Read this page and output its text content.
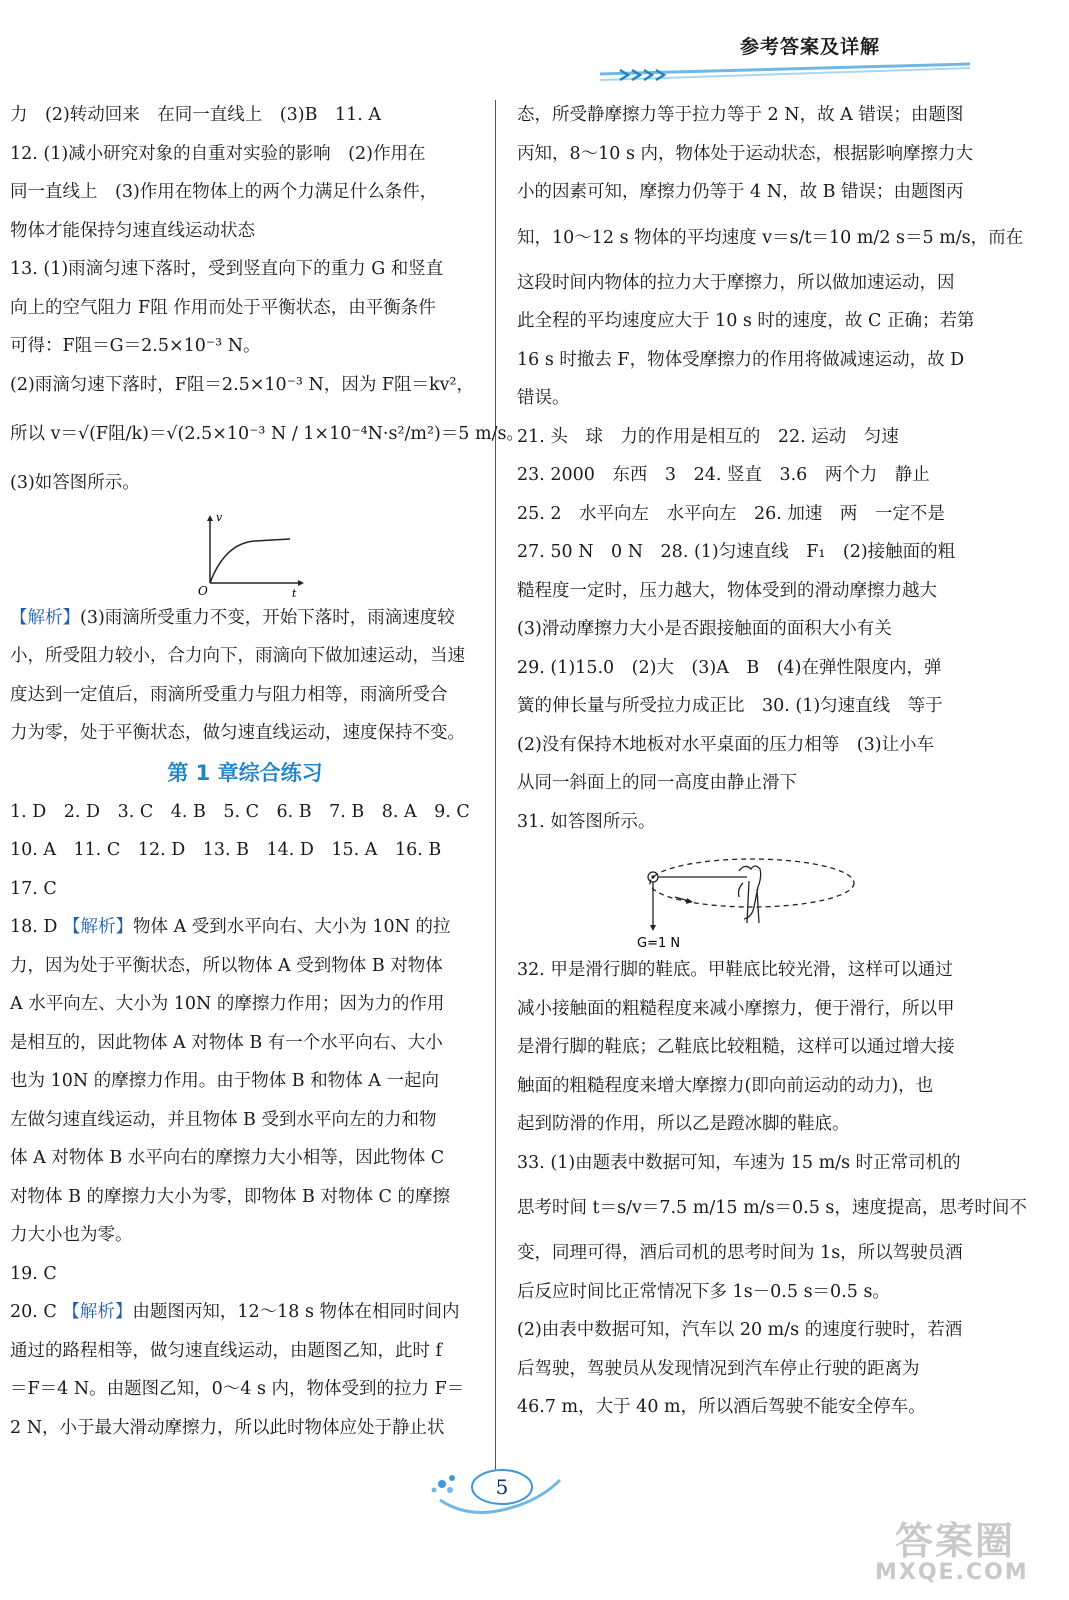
参考答案及详解
力　(2)转动回来　在同一直线上　(3)B　11. A
12. (1)减小研究对象的自重对实验的影响　(2)作用在
同一直线上　(3)作用在物体上的两个力满足什么条件，
物体才能保持匀速直线运动状态
13. (1)雨滴匀速下落时，受到竖直向下的重力 G 和竖直
向上的空气阻力 F阻 作用而处于平衡状态，由平衡条件
可得：F阻＝G＝2.5×10⁻³ N。
(2)雨滴匀速下落时，F阻＝2.5×10⁻³ N，因为 F阻＝kv²，
所以 v＝√(F阻/k)＝√(2.5×10⁻³ N / 1×10⁻⁴N·s²/m²)＝5 m/s。
(3)如答图所示。
v
t
O
【解析】(3)雨滴所受重力不变，开始下落时，雨滴速度较
小，所受阻力较小，合力向下，雨滴向下做加速运动，当速
度达到一定值后，雨滴所受重力与阻力相等，雨滴所受合
力为零，处于平衡状态，做匀速直线运动，速度保持不变。
第 1 章综合练习
1. D　2. D　3. C　4. B　5. C　6. B　7. B　8. A　9. C
10. A　11. C　12. D　13. B　14. D　15. A　16. B
17. C
18. D 【解析】物体 A 受到水平向右、大小为 10N 的拉
力，因为处于平衡状态，所以物体 A 受到物体 B 对物体
A 水平向左、大小为 10N 的摩擦力作用；因为力的作用
是相互的，因此物体 A 对物体 B 有一个水平向右、大小
也为 10N 的摩擦力作用。由于物体 B 和物体 A 一起向
左做匀速直线运动，并且物体 B 受到水平向左的力和物
体 A 对物体 B 水平向右的摩擦力大小相等，因此物体 C
对物体 B 的摩擦力大小为零，即物体 B 对物体 C 的摩擦
力大小也为零。
19. C
20. C 【解析】由题图丙知，12～18 s 物体在相同时间内
通过的路程相等，做匀速直线运动，由题图乙知，此时 f
＝F＝4 N。由题图乙知，0～4 s 内，物体受到的拉力 F＝
2 N，小于最大滑动摩擦力，所以此时物体应处于静止状
态，所受静摩擦力等于拉力等于 2 N，故 A 错误；由题图
丙知，8～10 s 内，物体处于运动状态，根据影响摩擦力大
小的因素可知，摩擦力仍等于 4 N，故 B 错误；由题图丙
知，10～12 s 物体的平均速度 v＝s/t＝10 m/2 s＝5 m/s，而在
这段时间内物体的拉力大于摩擦力，所以做加速运动，因
此全程的平均速度应大于 10 s 时的速度，故 C 正确；若第
16 s 时撤去 F，物体受摩擦力的作用将做减速运动，故 D
错误。
21. 头　球　力的作用是相互的　22. 运动　匀速
23. 2000　东西　3　24. 竖直　3.6　两个力　静止
25. 2　水平向左　水平向左　26. 加速　两　一定不是
27. 50 N　0 N　28. (1)匀速直线　F₁　(2)接触面的粗
糙程度一定时，压力越大，物体受到的滑动摩擦力越大
(3)滑动摩擦力大小是否跟接触面的面积大小有关
29. (1)15.0　(2)大　(3)A　B　(4)在弹性限度内，弹
簧的伸长量与所受拉力成正比　30. (1)匀速直线　等于
(2)没有保持木地板对水平桌面的压力相等　(3)让小车
从同一斜面上的同一高度由静止滑下
31. 如答图所示。
G=1 N
32. 甲是滑行脚的鞋底。甲鞋底比较光滑，这样可以通过
减小接触面的粗糙程度来减小摩擦力，便于滑行，所以甲
是滑行脚的鞋底；乙鞋底比较粗糙，这样可以通过增大接
触面的粗糙程度来增大摩擦力(即向前运动的动力)，也
起到防滑的作用，所以乙是蹬冰脚的鞋底。
33. (1)由题表中数据可知，车速为 15 m/s 时正常司机的
思考时间 t＝s/v＝7.5 m/15 m/s＝0.5 s，速度提高，思考时间不
变，同理可得，酒后司机的思考时间为 1s，所以驾驶员酒
后反应时间比正常情况下多 1s－0.5 s＝0.5 s。
(2)由表中数据可知，汽车以 20 m/s 的速度行驶时，若酒
后驾驶，驾驶员从发现情况到汽车停止行驶的距离为
46.7 m，大于 40 m，所以酒后驾驶不能安全停车。
5
答案圈
MXQE.COM
